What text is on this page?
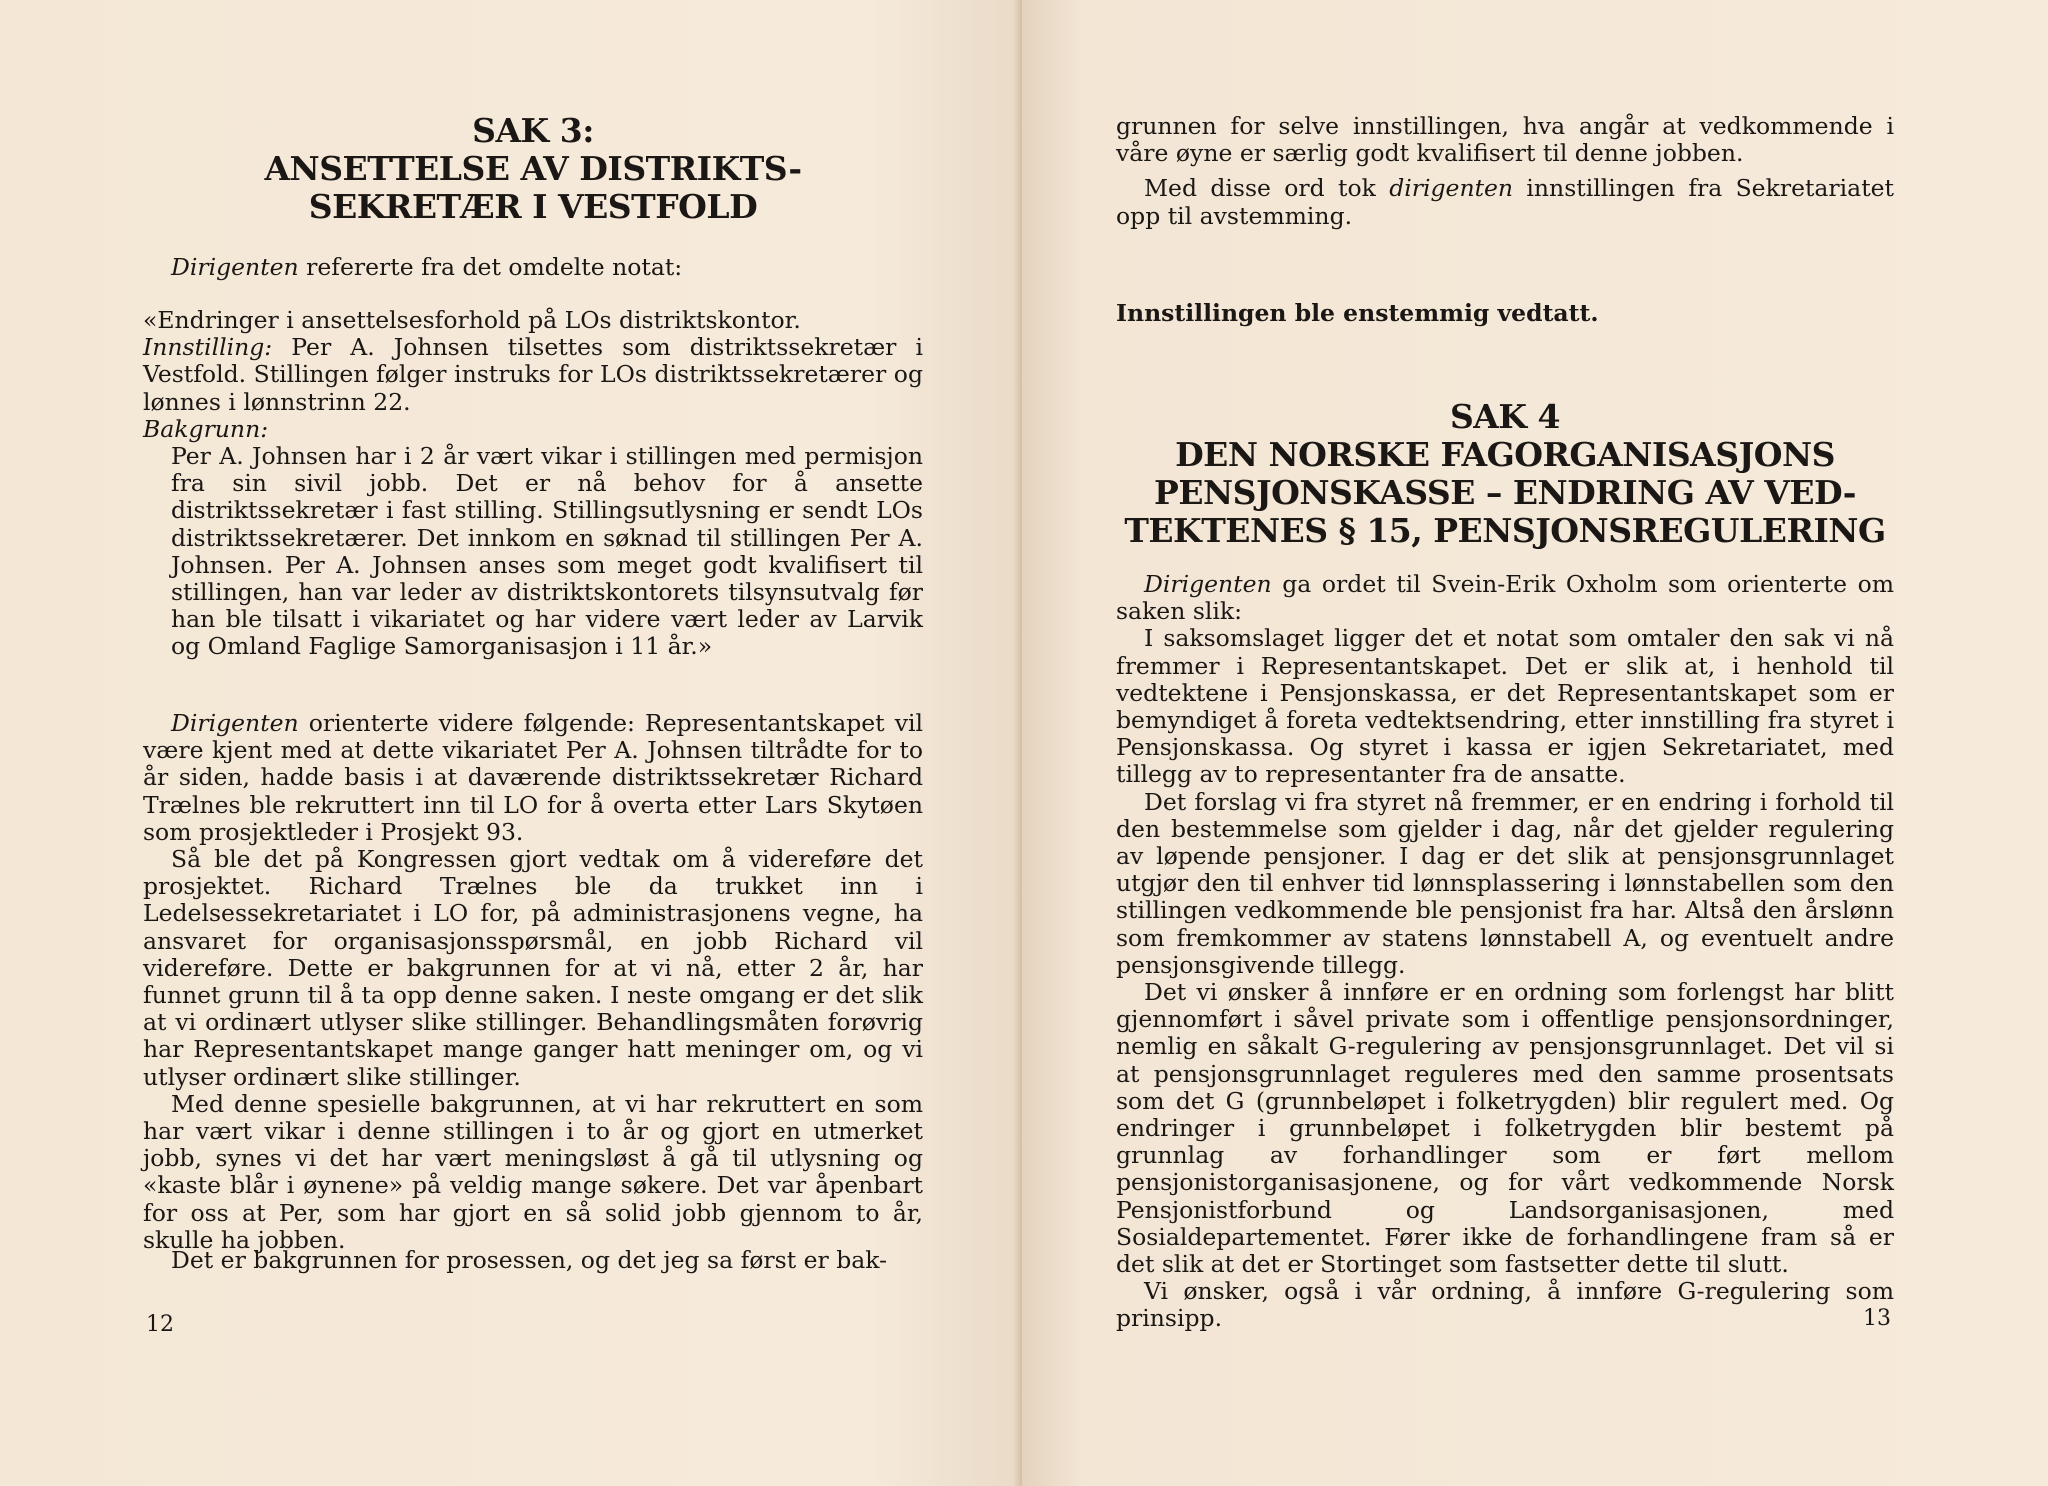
SAK 3:
ANSETTELSE AV DISTRIKTS-
SEKRETÆR I VESTFOLD

Dirigenten refererte fra det omdelte notat:

«Endringer i ansettelsesforhold på LOs distriktskontor.

Innstilling: Per A. Johnsen tilsettes som distriktssekretær i Vestfold. Stillingen følger instruks for LOs distriktssekretærer og lønnes i lønnstrinn 22.

Bakgrunn:

Per A. Johnsen har i 2 år vært vikar i stillingen med permisjon fra sin sivil jobb. Det er nå behov for å ansette distriktssekretær i fast stilling. Stillingsutlysning er sendt LOs distriktssekretærer. Det innkom en søknad til stillingen Per A. Johnsen. Per A. Johnsen anses som meget godt kvalifisert til stillingen, han var leder av distriktskontorets tilsynsutvalg før han ble tilsatt i vikariatet og har videre vært leder av Larvik og Omland Faglige Samorganisasjon i 11 år.»

Dirigenten orienterte videre følgende: Representantskapet vil være kjent med at dette vikariatet Per A. Johnsen tiltrådte for to år siden, hadde basis i at daværende distriktssekretær Richard Trælnes ble rekruttert inn til LO for å overta etter Lars Skytøen som prosjektleder i Prosjekt 93.

Så ble det på Kongressen gjort vedtak om å videreføre det prosjektet. Richard Trælnes ble da trukket inn i Ledelsessekretariatet i LO for, på administrasjonens vegne, ha ansvaret for organisasjonsspørsmål, en jobb Richard vil videreføre. Dette er bakgrunnen for at vi nå, etter 2 år, har funnet grunn til å ta opp denne saken. I neste omgang er det slik at vi ordinært utlyser slike stillinger. Behandlingsmåten forøvrig har Representantskapet mange ganger hatt meninger om, og vi utlyser ordinært slike stillinger.

Med denne spesielle bakgrunnen, at vi har rekruttert en som har vært vikar i denne stillingen i to år og gjort en utmerket jobb, synes vi det har vært meningsløst å gå til utlysning og «kaste blår i øynene» på veldig mange søkere. Det var åpenbart for oss at Per, som har gjort en så solid jobb gjennom to år, skulle ha jobben.

Det er bakgrunnen for prosessen, og det jeg sa først er bak-

12

grunnen for selve innstillingen, hva angår at vedkommende i våre øyne er særlig godt kvalifisert til denne jobben.

Med disse ord tok dirigenten innstillingen fra Sekretariatet opp til avstemming.

Innstillingen ble enstemmig vedtatt.
SAK 4
DEN NORSKE FAGORGANISASJONS
PENSJONSKASSE – ENDRING AV VED-
TEKTENES § 15, PENSJONSREGULERING

Dirigenten ga ordet til Svein-Erik Oxholm som orienterte om saken slik:

I saksomslaget ligger det et notat som omtaler den sak vi nå fremmer i Representantskapet. Det er slik at, i henhold til vedtektene i Pensjonskassa, er det Representantskapet som er bemyndiget å foreta vedtektsendring, etter innstilling fra styret i Pensjonskassa. Og styret i kassa er igjen Sekretariatet, med tillegg av to representanter fra de ansatte.

Det forslag vi fra styret nå fremmer, er en endring i forhold til den bestemmelse som gjelder i dag, når det gjelder regulering av løpende pensjoner. I dag er det slik at pensjonsgrunnlaget utgjør den til enhver tid lønnsplassering i lønnstabellen som den stillingen vedkommende ble pensjonist fra har. Altså den årslønn som fremkommer av statens lønnstabell A, og eventuelt andre pensjonsgivende tillegg.

Det vi ønsker å innføre er en ordning som forlengst har blitt gjennomført i såvel private som i offentlige pensjonsordninger, nemlig en såkalt G-regulering av pensjonsgrunnlaget. Det vil si at pensjonsgrunnlaget reguleres med den samme prosentsats som det G (grunnbeløpet i folketrygden) blir regulert med. Og endringer i grunnbeløpet i folketrygden blir bestemt på grunnlag av forhandlinger som er ført mellom pensjonistorganisasjonene, og for vårt vedkommende Norsk Pensjonistforbund og Landsorganisasjonen, med Sosialdepartementet. Fører ikke de forhandlingene fram så er det slik at det er Stortinget som fastsetter dette til slutt.

Vi ønsker, også i vår ordning, å innføre G-regulering som prinsipp.	13
